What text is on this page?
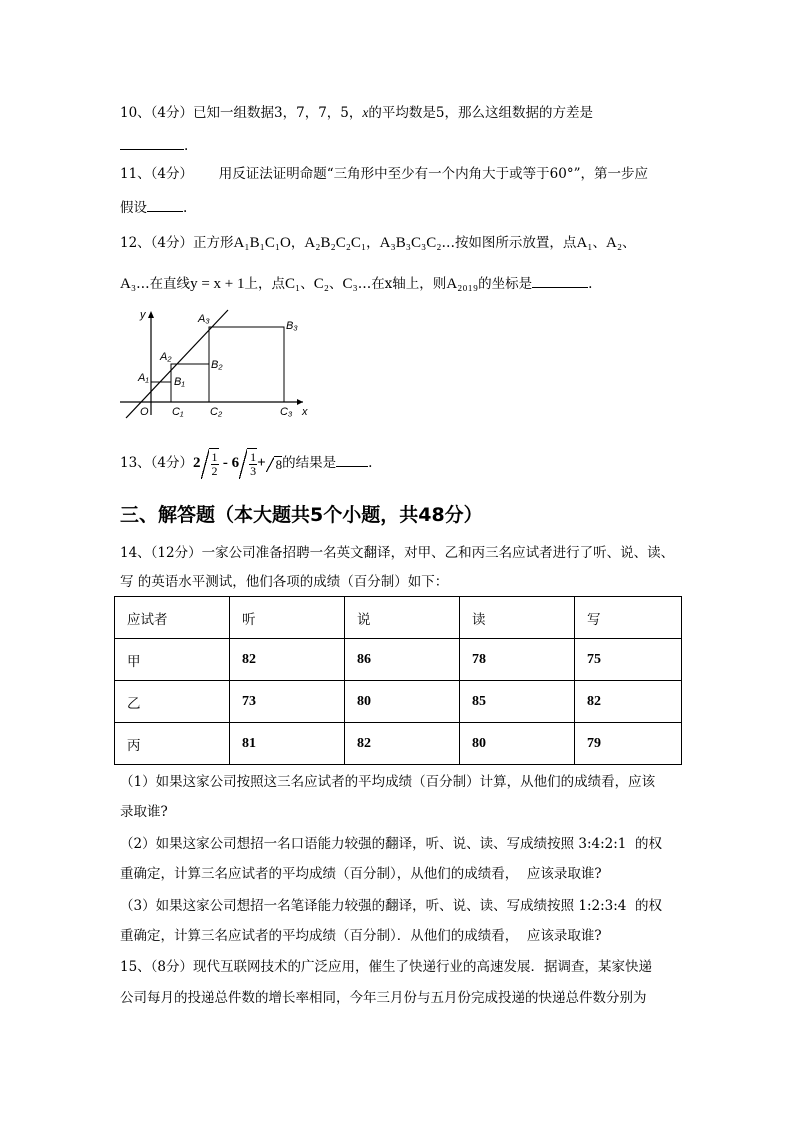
10、（4分）已知一组数据3，7，7，5，x的平均数是5，那么这组数据的方差是
.
11、（4分）      用反证法证明命题“三角形中至少有一个内角大于或等于60°”，第一步应
假设	.
12、（4分）正方形A₁B₁C₁O，A₂B₂C₂C₁，A₃B₃C₃C₂…按如图所示放置，点A₁、A₂、
A₃…在直线y = x + 1上，点C₁、C₂、C₃…在x轴上，则A₂₀₁₉的坐标是	.
y	A₃
B₃
A₂
B₂
A₁ B₁
O C₁ C₂	C₃ x
13、（4分）$2 \frac{1}{2} - 6 \frac{1}{3} + 8$的结果是 .
三、解答题（本大题共5个小题，共48分）
14、（12分）一家公司准备招聘一名英文翻译，对甲、乙和丙三名应试者进行了听、说、读、
写 的英语水平测试，他们各项的成绩（百分制）如下：
应试者	听	说	读	写
甲	82	86	78	75
乙	73	80	85	82
丙	81	82	80	79
（1）如果这家公司按照这三名应试者的平均成绩（百分制）计算，从他们的成绩看，应该
录取谁?
（2）如果这家公司想招一名口语能力较强的翻译，听、说、读、写成绩按照 3:4:2:1  的权
重确定，计算三名应试者的平均成绩（百分制），从他们的成绩看，  应该录取谁?
（3）如果这家公司想招一名笔译能力较强的翻译，听、说、读、写成绩按照 1:2:3:4  的权
重确定，计算三名应试者的平均成绩（百分制）．从他们的成绩看，  应该录取谁?
15、（8分）现代互联网技术的广泛应用，催生了快递行业的高速发展．据调查，某家快递
公司每月的投递总件数的增长率相同，今年三月份与五月份完成投递的快递总件数分别为
